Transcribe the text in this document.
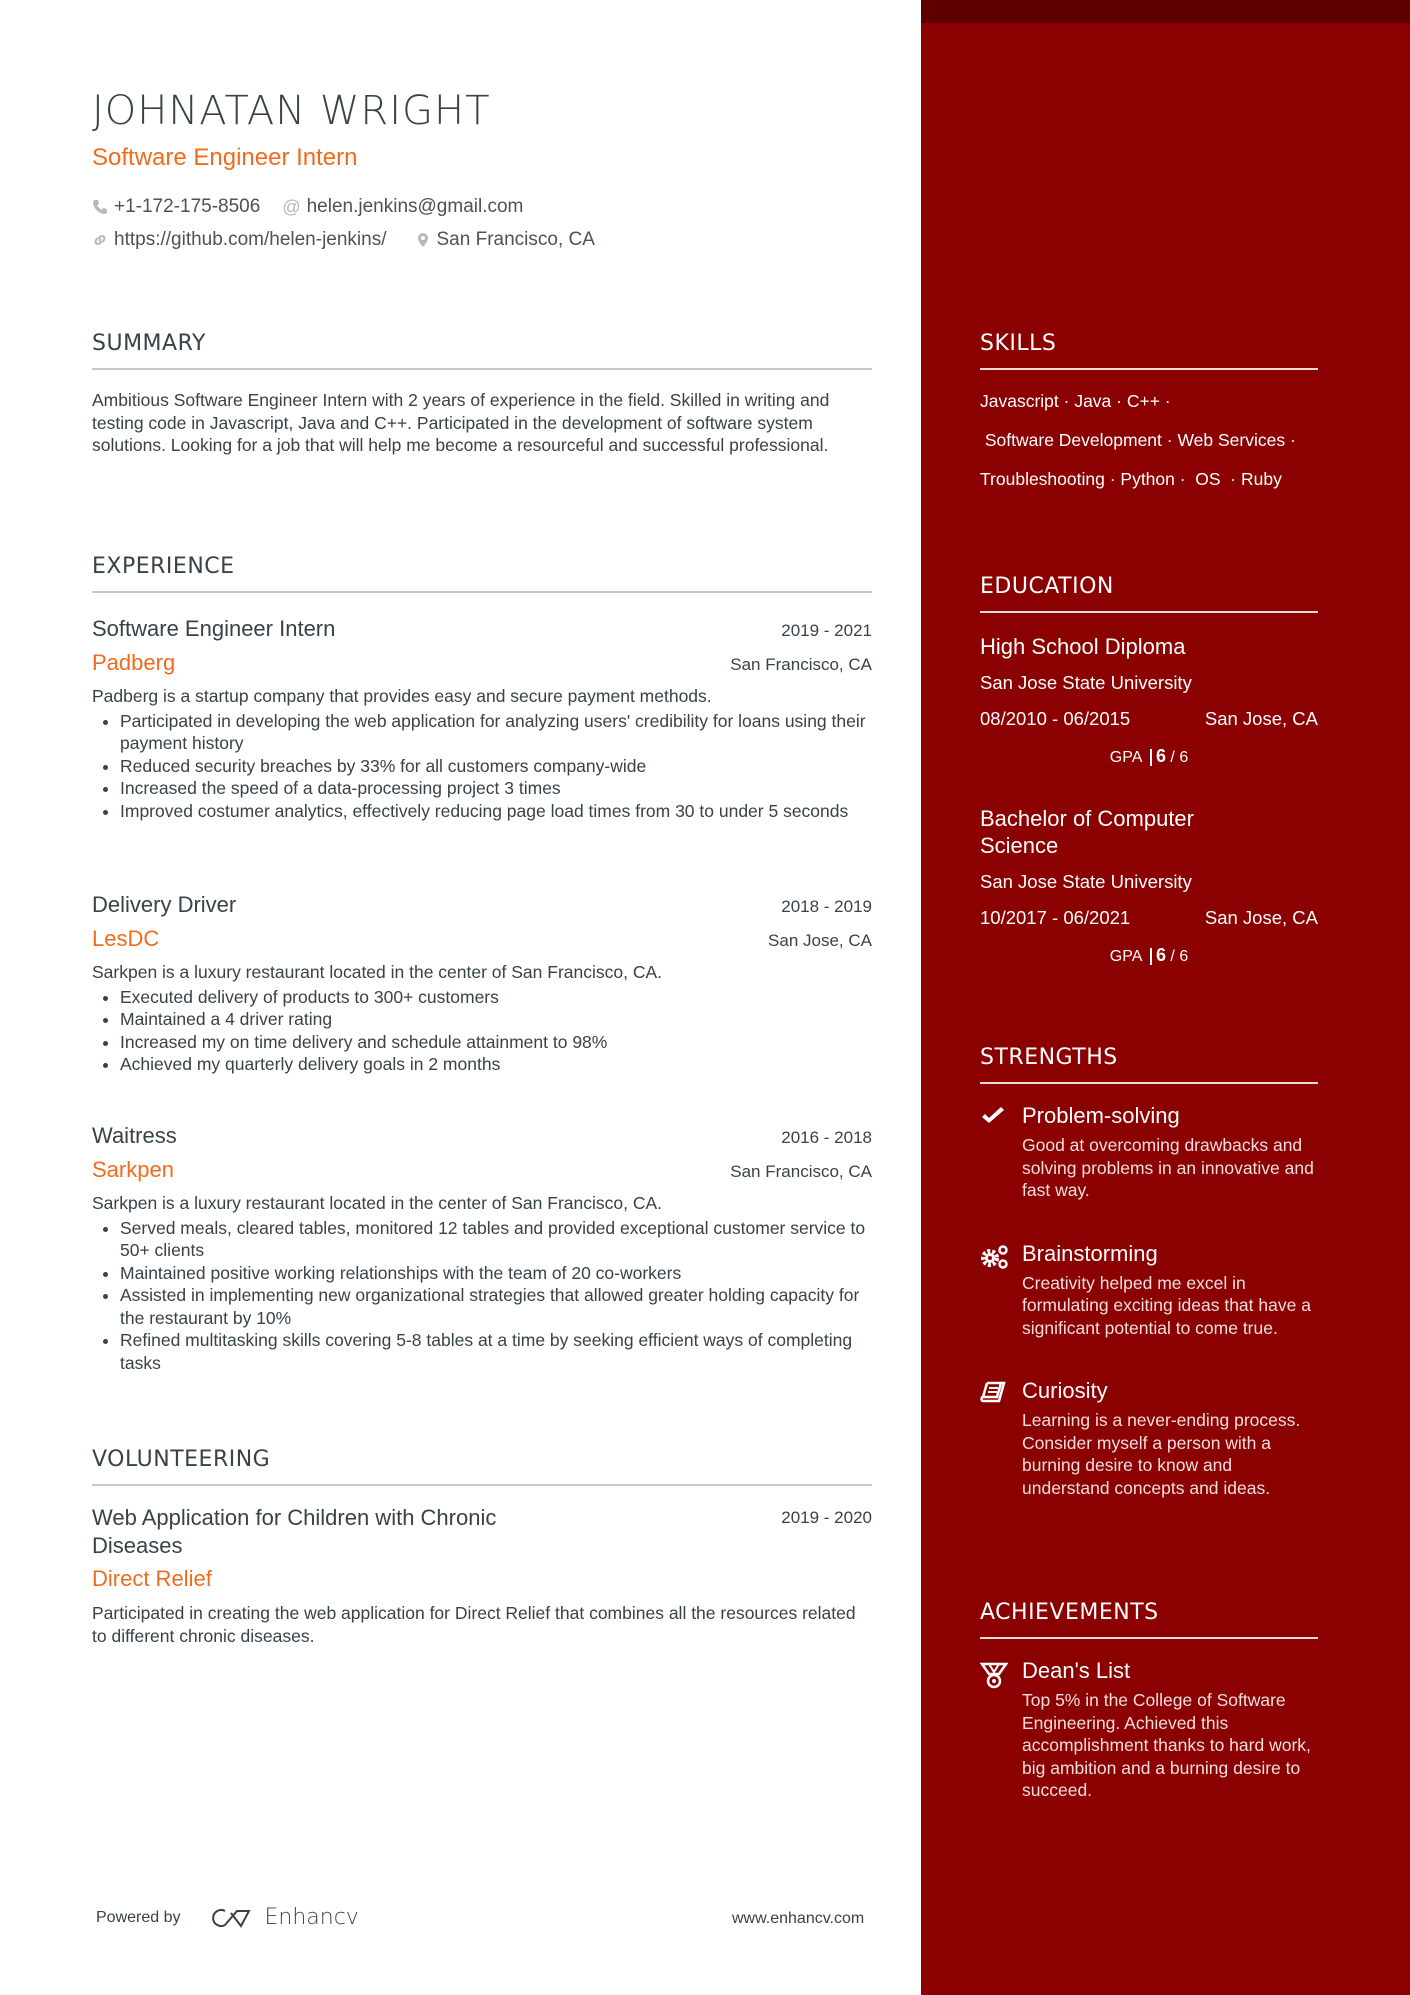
JOHNATAN WRIGHT
Software Engineer Intern
+1-172-175-8506 @ helen.jenkins@gmail.com
https://github.com/helen-jenkins/	San Francisco, CA
SUMMARY
Ambitious Software Engineer Intern with 2 years of experience in the field. Skilled in writing and testing code in Javascript, Java and C++. Participated in the development of software system solutions. Looking for a job that will help me become a resourceful and successful professional.
EXPERIENCE
Software Engineer Intern	2019 - 2021
Padberg	San Francisco, CA
Padberg is a startup company that provides easy and secure payment methods.
• Participated in developing the web application for analyzing users' credibility for loans using their payment history
• Reduced security breaches by 33% for all customers company-wide
• Increased the speed of a data-processing project 3 times
• Improved costumer analytics, effectively reducing page load times from 30 to under 5 seconds
Delivery Driver	2018 - 2019
LesDC	San Jose, CA
Sarkpen is a luxury restaurant located in the center of San Francisco, CA.
• Executed delivery of products to 300+ customers
• Maintained a 4 driver rating
• Increased my on time delivery and schedule attainment to 98%
• Achieved my quarterly delivery goals in 2 months
Waitress	2016 - 2018
Sarkpen	San Francisco, CA
Sarkpen is a luxury restaurant located in the center of San Francisco, CA.
• Served meals, cleared tables, monitored 12 tables and provided exceptional customer service to 50+ clients
• Maintained positive working relationships with the team of 20 co-workers
• Assisted in implementing new organizational strategies that allowed greater holding capacity for the restaurant by 10%
• Refined multitasking skills covering 5-8 tables at a time by seeking efficient ways of completing tasks
VOLUNTEERING
Web Application for Children with Chronic Diseases
2019 - 2020
Direct Relief
Participated in creating the web application for Direct Relief that combines all the resources related to different chronic diseases.
Powered by	Enhancv	www.enhancv.com
SKILLS
Javascript · Java · C++ ·
Software Development · Web Services ·
Troubleshooting · Python ·  OS  · Ruby
EDUCATION
High School Diploma
San Jose State University
08/2010 - 06/2015	San Jose, CA
GPA 6 / 6
Bachelor of Computer Science
San Jose State University
10/2017 - 06/2021	San Jose, CA
GPA 6 / 6
STRENGTHS
Problem-solving
Good at overcoming drawbacks and solving problems in an innovative and fast way.
Brainstorming
Creativity helped me excel in formulating exciting ideas that have a significant potential to come true.
Curiosity
Learning is a never-ending process. Consider myself a person with a burning desire to know and understand concepts and ideas.
ACHIEVEMENTS
Dean's List
Top 5% in the College of Software Engineering. Achieved this accomplishment thanks to hard work, big ambition and a burning desire to succeed.
